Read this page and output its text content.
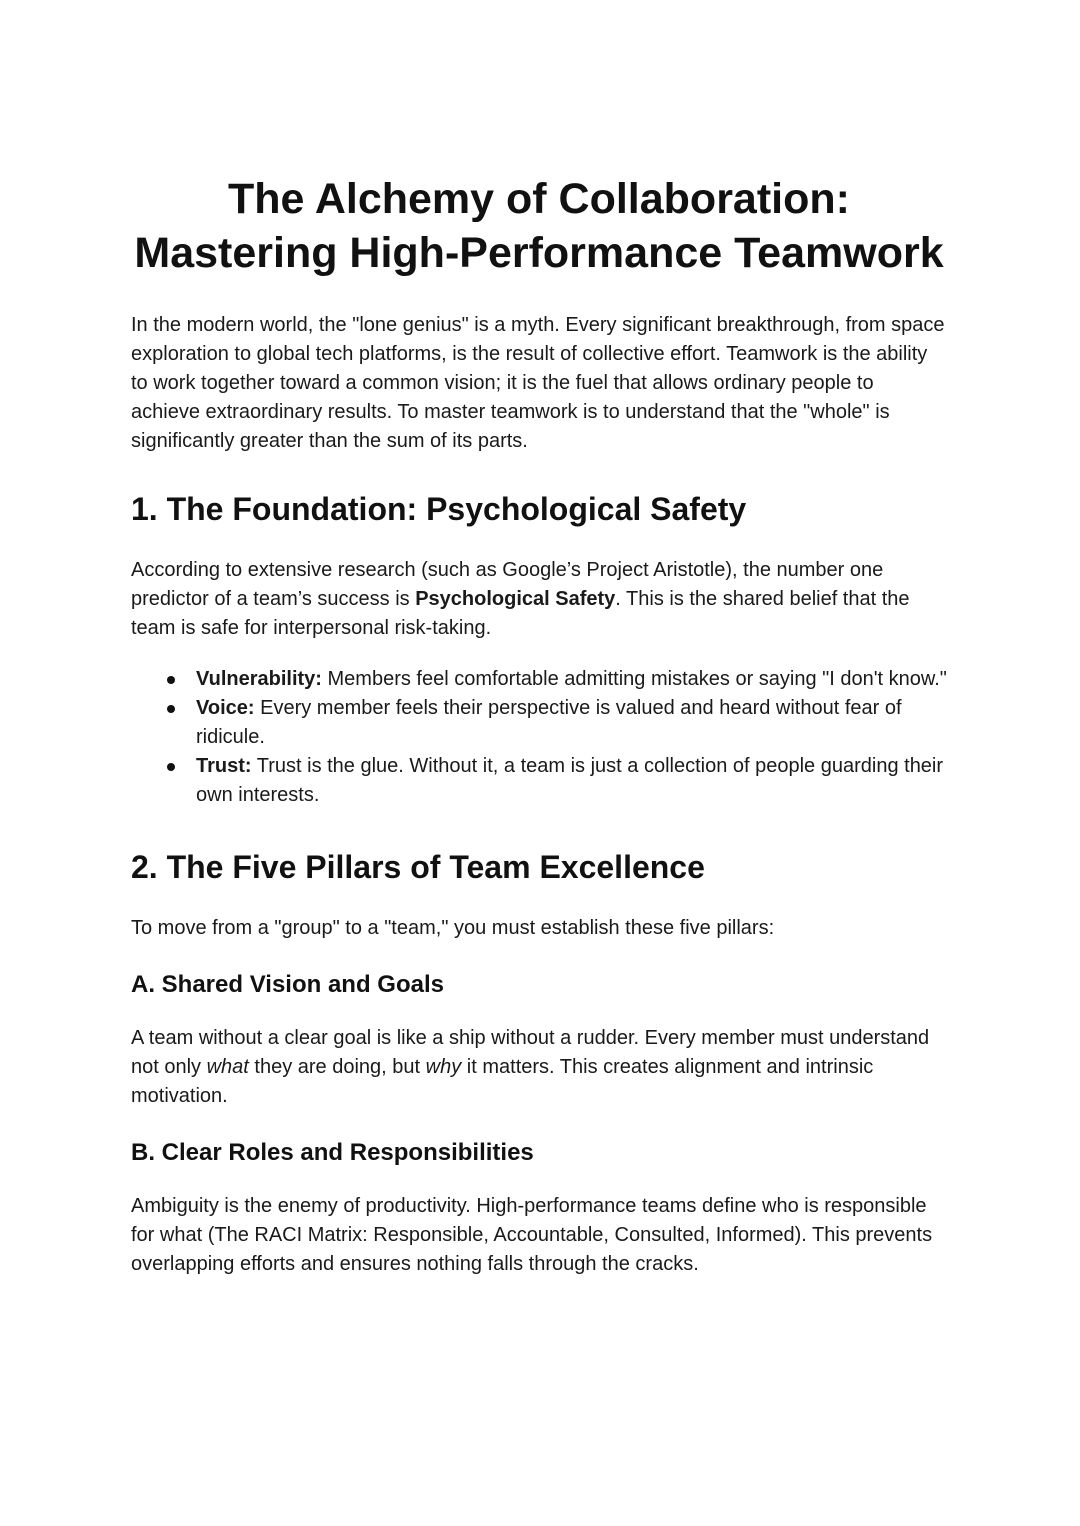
The Alchemy of Collaboration: Mastering High-Performance Teamwork

In the modern world, the "lone genius" is a myth. Every significant breakthrough, from space exploration to global tech platforms, is the result of collective effort. Teamwork is the ability to work together toward a common vision; it is the fuel that allows ordinary people to achieve extraordinary results. To master teamwork is to understand that the "whole" is significantly greater than the sum of its parts.

1. The Foundation: Psychological Safety

According to extensive research (such as Google’s Project Aristotle), the number one predictor of a team’s success is Psychological Safety. This is the shared belief that the team is safe for interpersonal risk-taking.

Vulnerability: Members feel comfortable admitting mistakes or saying "I don't know."
Voice: Every member feels their perspective is valued and heard without fear of ridicule.
Trust: Trust is the glue. Without it, a team is just a collection of people guarding their own interests.
2. The Five Pillars of Team Excellence

To move from a "group" to a "team," you must establish these five pillars:

A. Shared Vision and Goals

A team without a clear goal is like a ship without a rudder. Every member must understand not only what they are doing, but why it matters. This creates alignment and intrinsic motivation.

B. Clear Roles and Responsibilities

Ambiguity is the enemy of productivity. High-performance teams define who is responsible for what (The RACI Matrix: Responsible, Accountable, Consulted, Informed). This prevents overlapping efforts and ensures nothing falls through the cracks.
